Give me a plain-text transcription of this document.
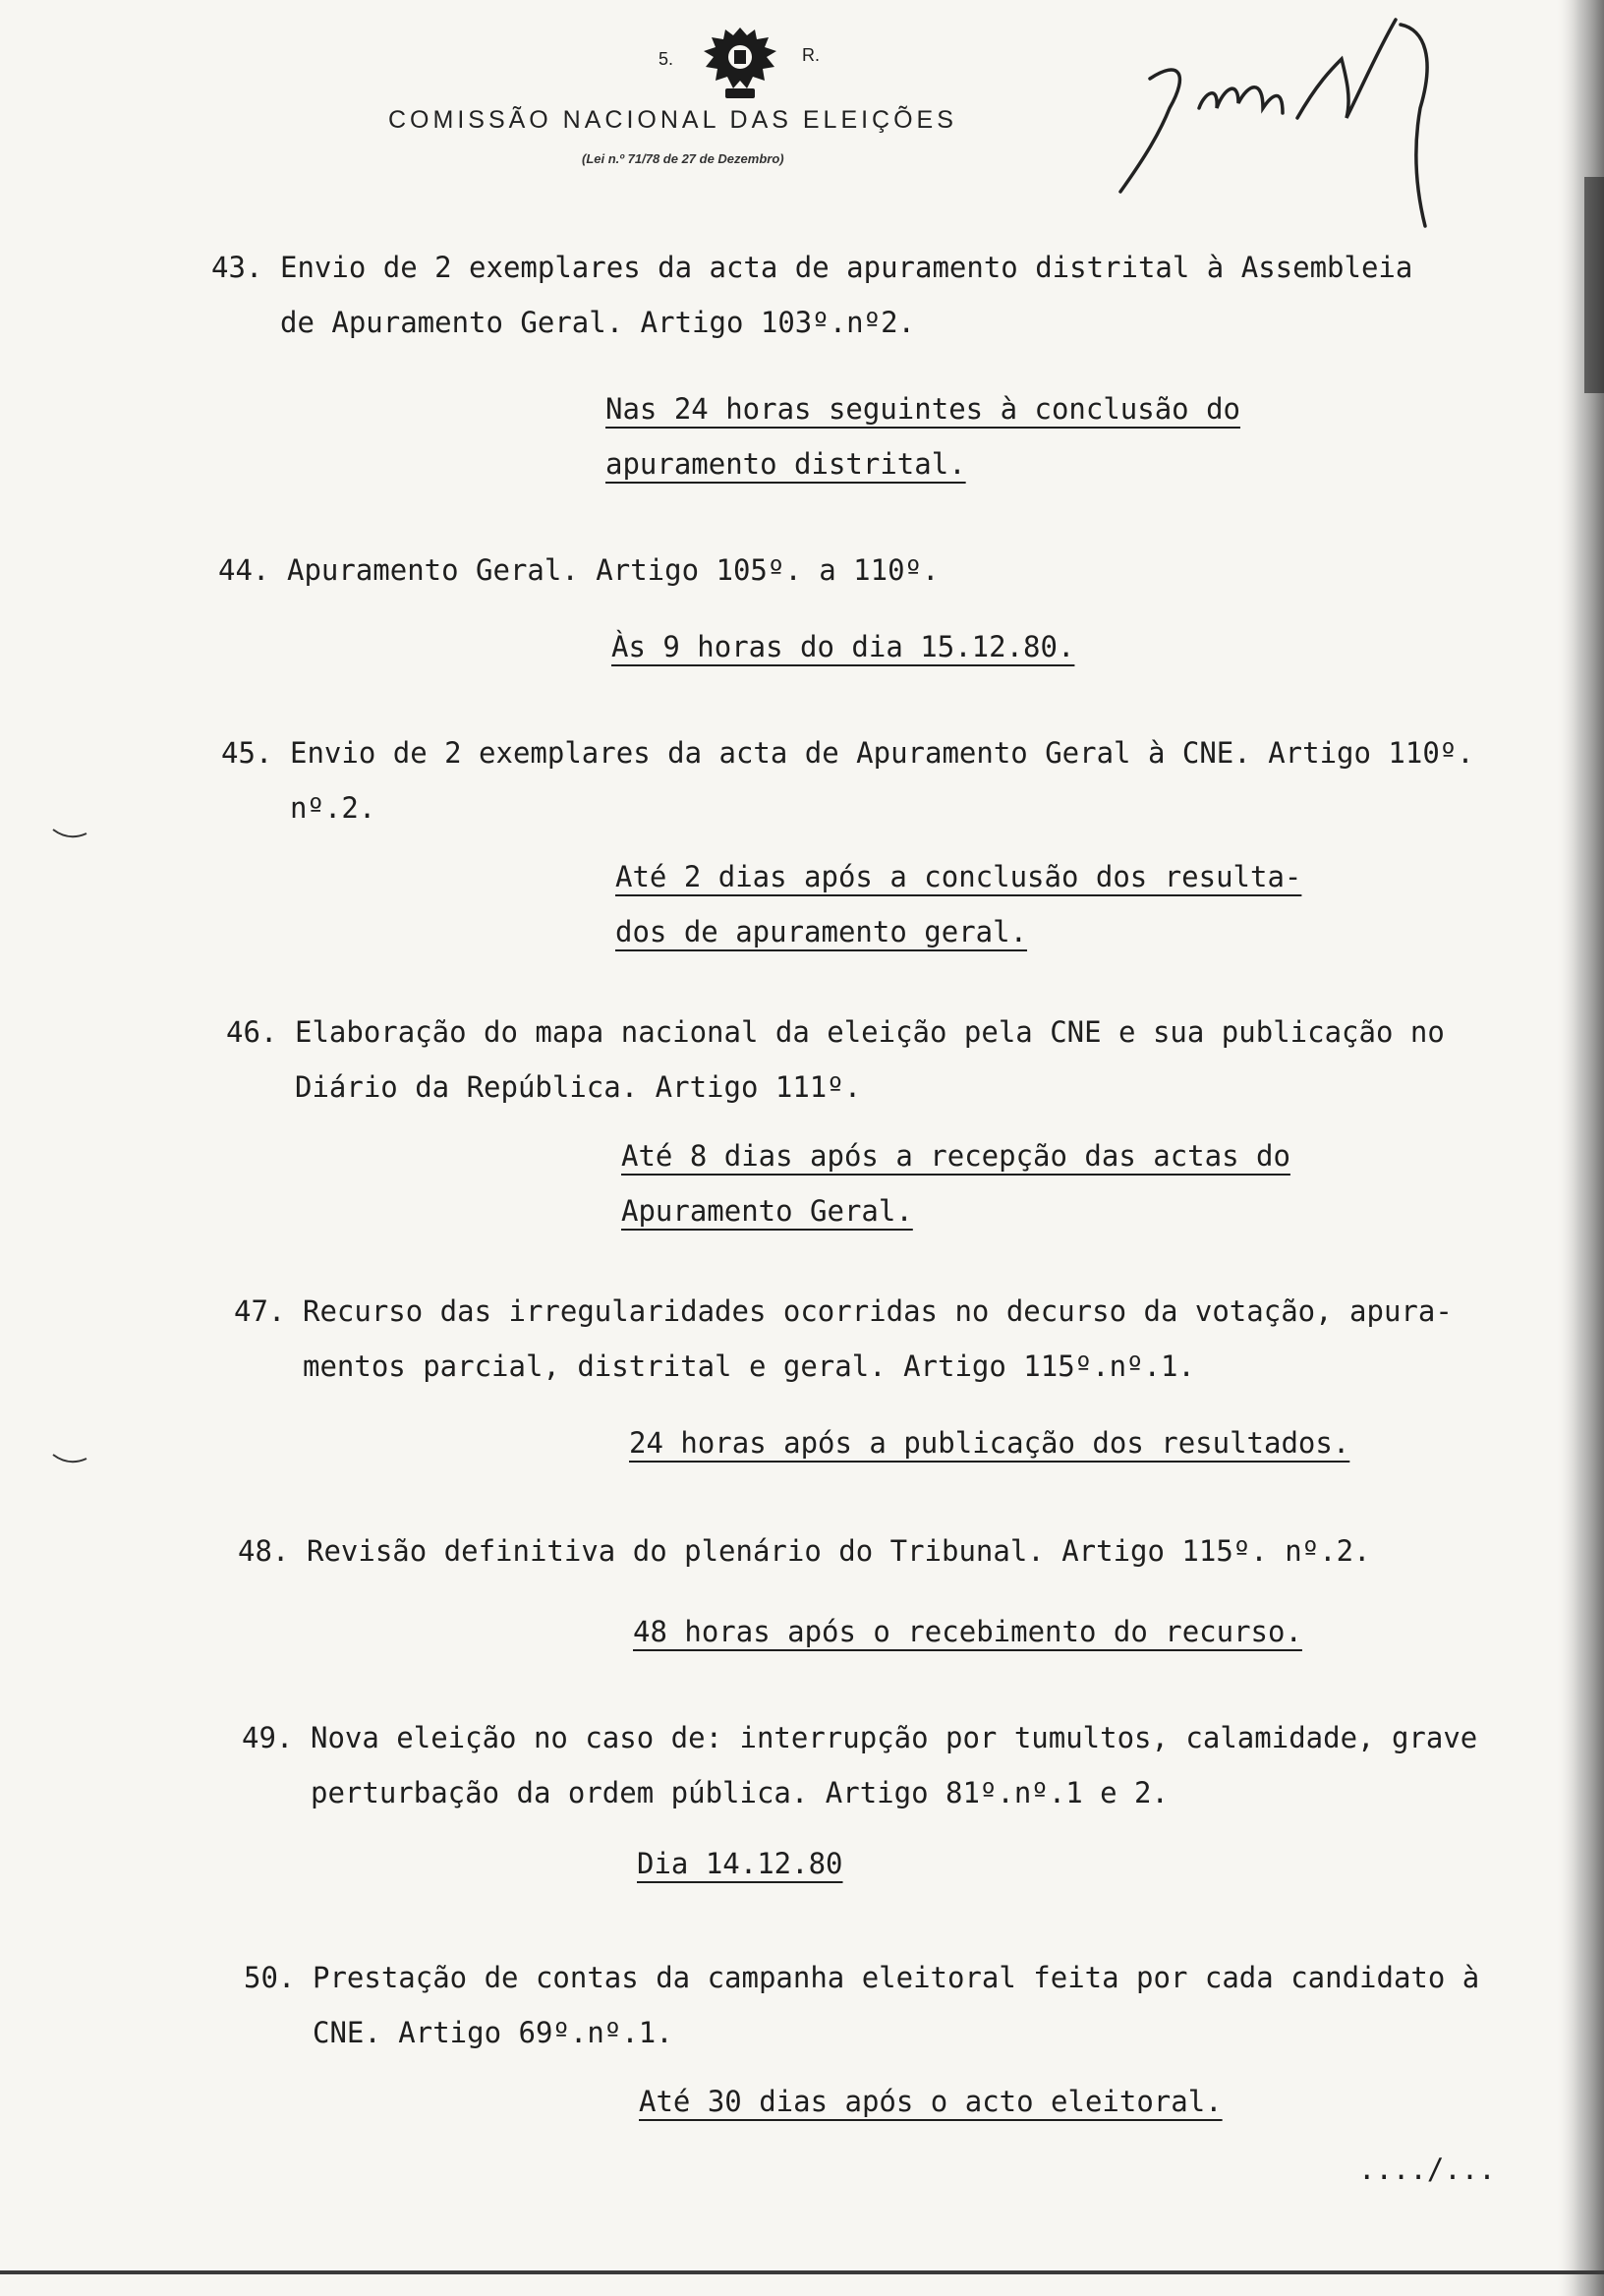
5.	R.
COMISSÃO NACIONAL DAS ELEIÇÕES
(Lei n.º 71/78 de 27 de Dezembro)
43. Envio de 2 exemplares da acta de apuramento distrital à Assembleia
de Apuramento Geral. Artigo 103º.nº2.
Nas 24 horas seguintes à conclusão do
apuramento distrital.
44. Apuramento Geral. Artigo 105º. a 110º.
Às 9 horas do dia 15.12.80.
45. Envio de 2 exemplares da acta de Apuramento Geral à CNE. Artigo 110º.
nº.2.
Até 2 dias após a conclusão dos resulta-
dos de apuramento geral.
46. Elaboração do mapa nacional da eleição pela CNE e sua publicação no
Diário da República. Artigo 111º.
Até 8 dias após a recepção das actas do
Apuramento Geral.
47. Recurso das irregularidades ocorridas no decurso da votação, apura-
mentos parcial, distrital e geral. Artigo 115º.nº.1.
24 horas após a publicação dos resultados.
48. Revisão definitiva do plenário do Tribunal. Artigo 115º. nº.2.
48 horas após o recebimento do recurso.
49. Nova eleição no caso de: interrupção por tumultos, calamidade, grave
perturbação da ordem pública. Artigo 81º.nº.1 e 2.
Dia 14.12.80
50. Prestação de contas da campanha eleitoral feita por cada candidato à
CNE. Artigo 69º.nº.1.
Até 30 dias após o acto eleitoral.
..../...
